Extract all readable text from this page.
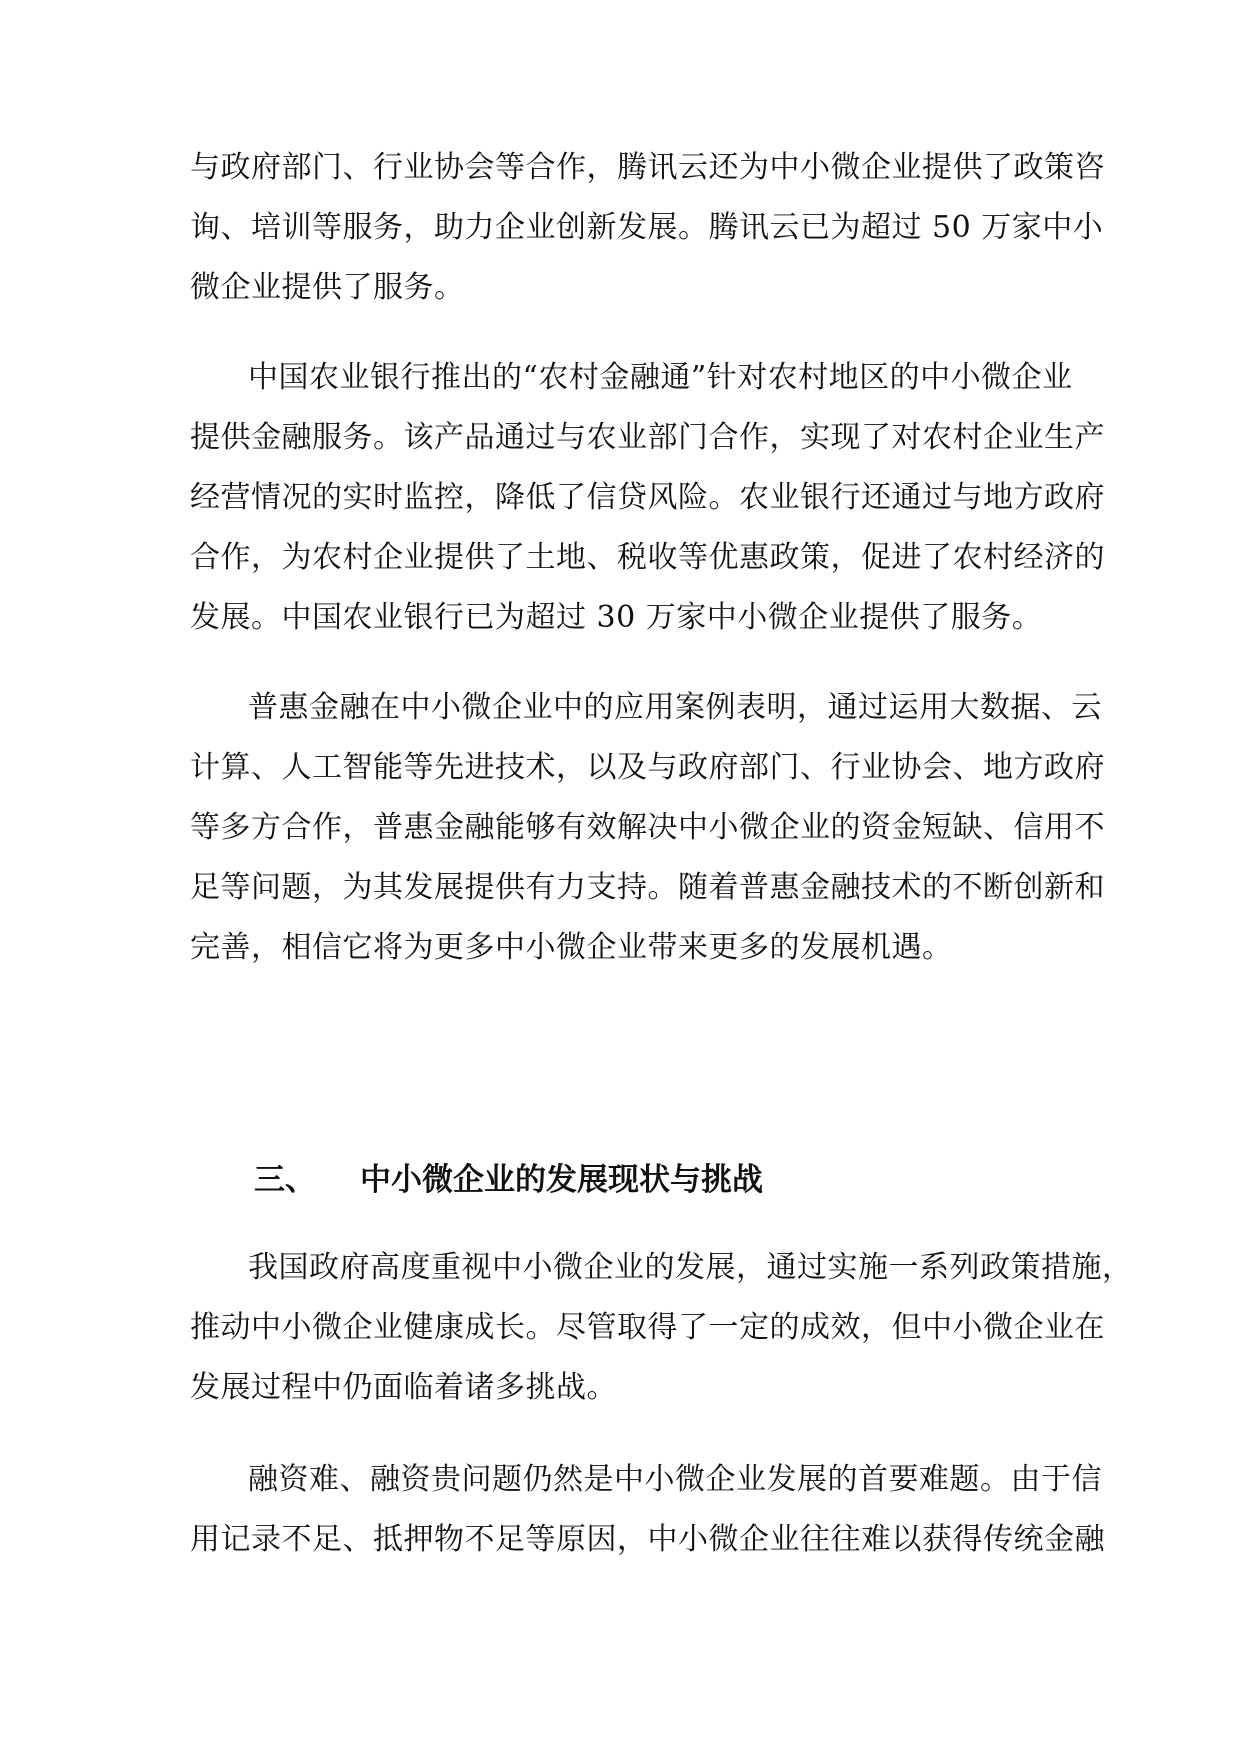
与政府部门、行业协会等合作，腾讯云还为中小微企业提供了政策咨

询、培训等服务，助力企业创新发展。腾讯云已为超过 50 万家中小

微企业提供了服务。

中国农业银行推出的“农村金融通”针对农村地区的中小微企业

提供金融服务。该产品通过与农业部门合作，实现了对农村企业生产

经营情况的实时监控，降低了信贷风险。农业银行还通过与地方政府

合作，为农村企业提供了土地、税收等优惠政策，促进了农村经济的

发展。中国农业银行已为超过 30 万家中小微企业提供了服务。

普惠金融在中小微企业中的应用案例表明，通过运用大数据、云

计算、人工智能等先进技术，以及与政府部门、行业协会、地方政府

等多方合作，普惠金融能够有效解决中小微企业的资金短缺、信用不

足等问题，为其发展提供有力支持。随着普惠金融技术的不断创新和

完善，相信它将为更多中小微企业带来更多的发展机遇。

三、 中小微企业的发展现状与挑战

我国政府高度重视中小微企业的发展，通过实施一系列政策措施，

推动中小微企业健康成长。尽管取得了一定的成效，但中小微企业在

发展过程中仍面临着诸多挑战。

融资难、融资贵问题仍然是中小微企业发展的首要难题。由于信

用记录不足、抵押物不足等原因，中小微企业往往难以获得传统金融
